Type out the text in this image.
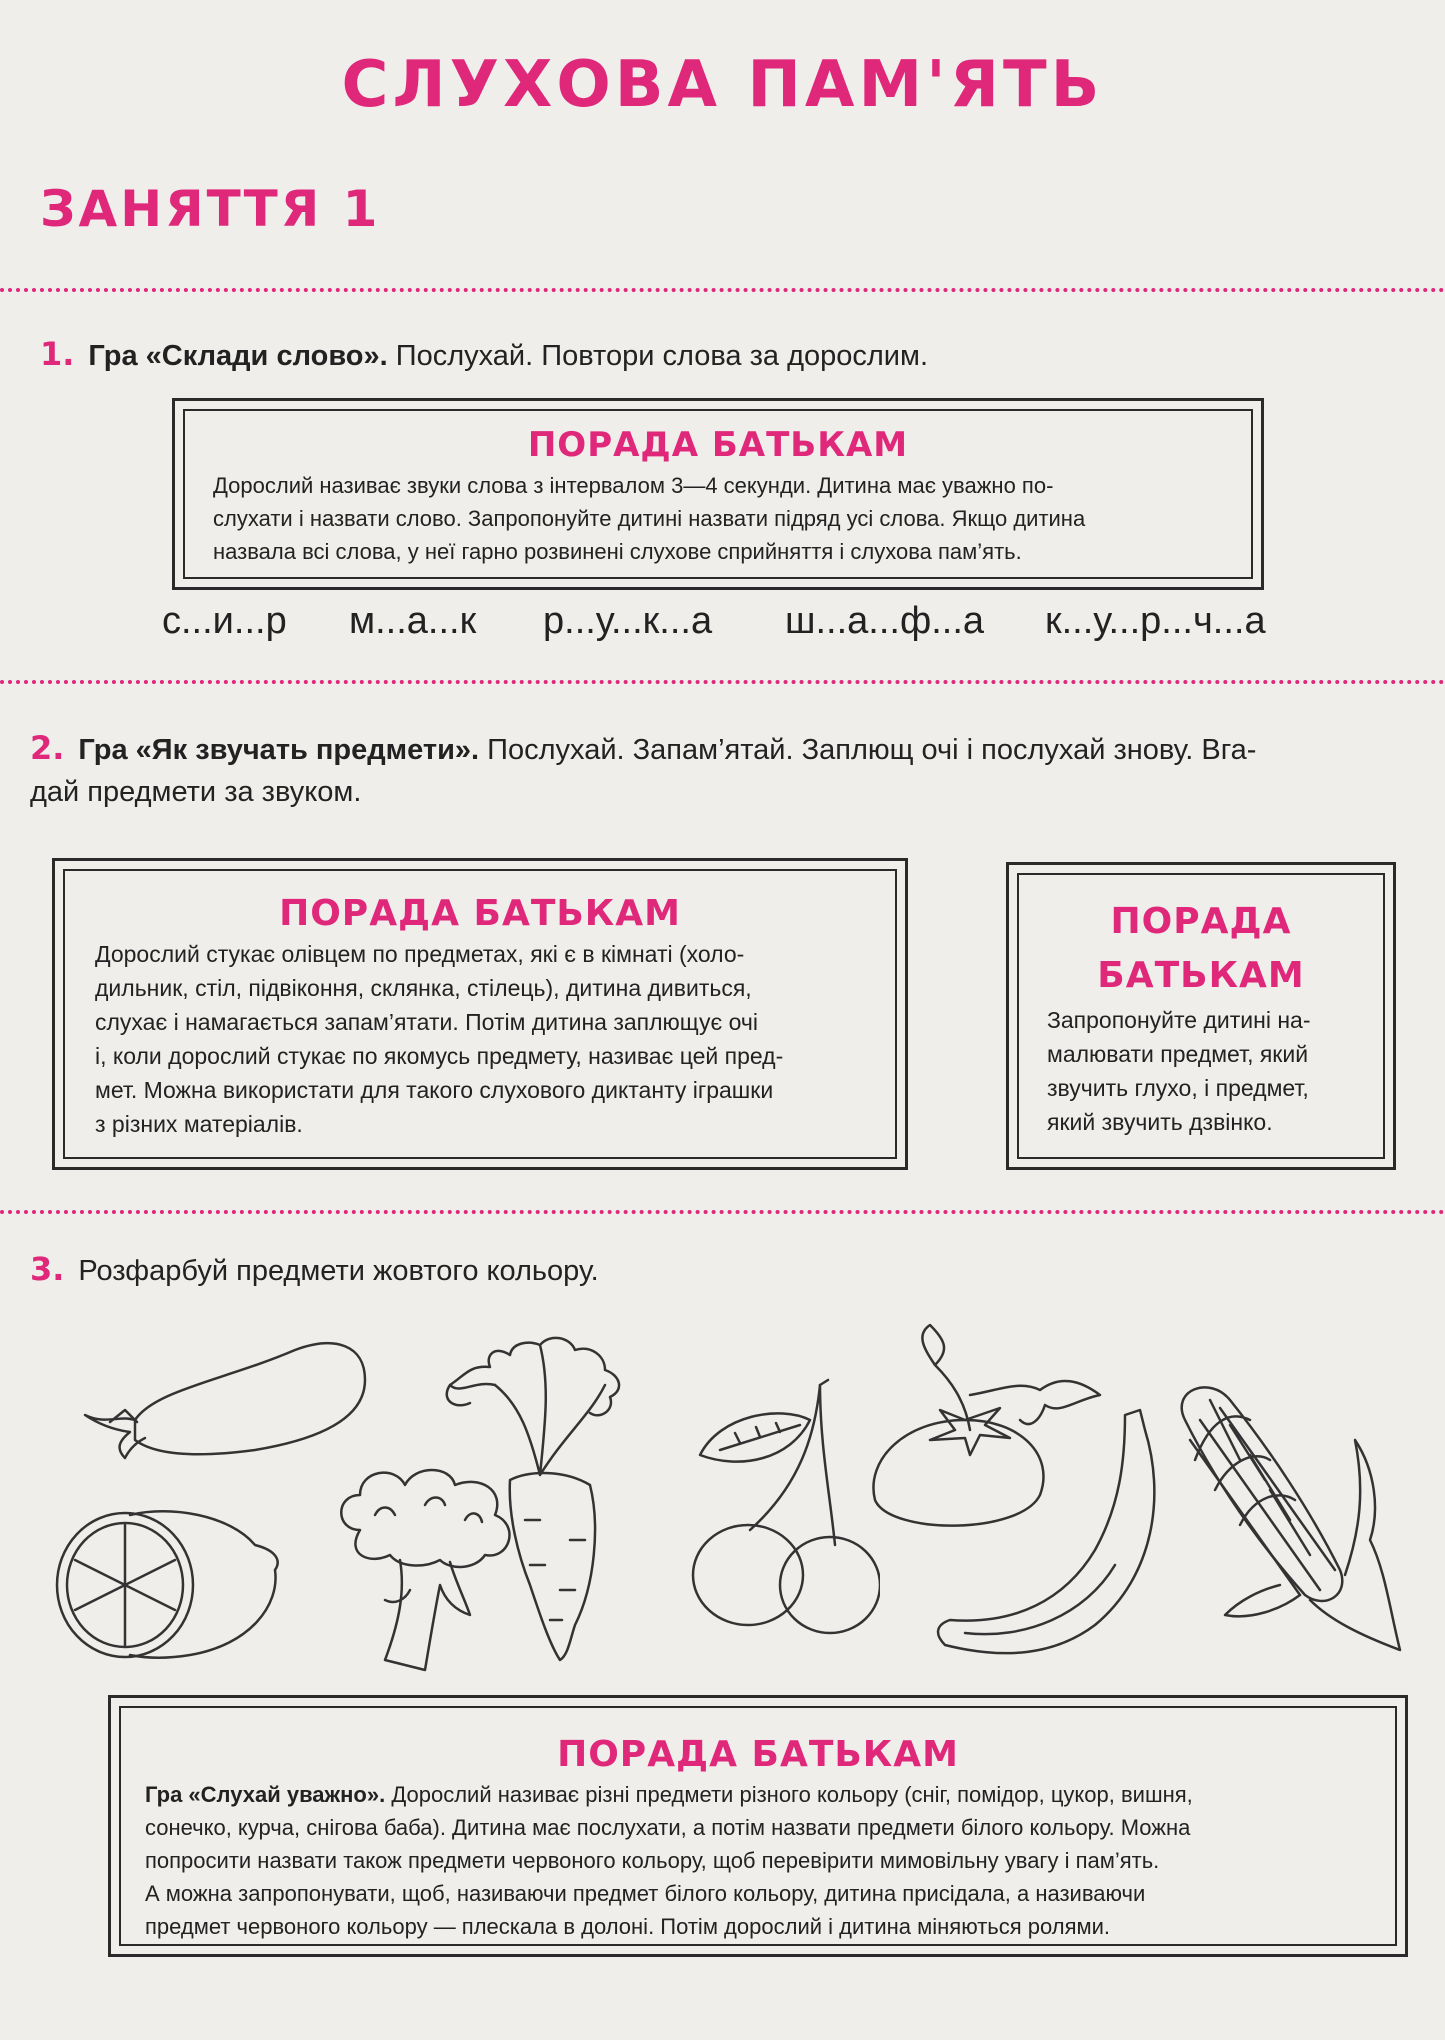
СЛУХОВА ПАМ'ЯТЬ
ЗАНЯТТЯ 1
1. Гра «Склади слово». Послухай. Повтори слова за дорослим.
ПОРАДА БАТЬКАМ
Дорослий називає звуки слова з інтервалом 3—4 секунди. Дитина має уважно по-
слухати і назвати слово. Запропонуйте дитині назвати підряд усі слова. Якщо дитина
назвала всі слова, у неї гарно розвинені слухове сприйняття і слухова пам’ять.
с...и...р м...а...к р...у...к...а ш...а...ф...а к...у...р...ч...а
2. Гра «Як звучать предмети». Послухай. Запам’ятай. Заплющ очі і послухай знову. Вга-
дай предмети за звуком.
ПОРАДА БАТЬКАМ
Дорослий стукає олівцем по предметах, які є в кімнаті (холо-
дильник, стіл, підвіконня, склянка, стілець), дитина дивиться,
слухає і намагається запам’ятати. Потім дитина заплющує очі
і, коли дорослий стукає по якомусь предмету, називає цей пред-
мет. Можна використати для такого слухового диктанту іграшки
з різних матеріалів.
ПОРАДА
БАТЬКАМ
Запропонуйте дитині на-
малювати предмет, який
звучить глухо, і предмет,
який звучить дзвінко.
3. Розфарбуй предмети жовтого кольору.
ПОРАДА БАТЬКАМ
Гра «Слухай уважно». Дорослий називає різні предмети різного кольору (сніг, помідор, цукор, вишня,
сонечко, курча, снігова баба). Дитина має послухати, а потім назвати предмети білого кольору. Можна
попросити назвати також предмети червоного кольору, щоб перевірити мимовільну увагу і пам’ять.
А можна запропонувати, щоб, називаючи предмет білого кольору, дитина присідала, а називаючи
предмет червоного кольору — плескала в долоні. Потім дорослий і дитина міняються ролями.
